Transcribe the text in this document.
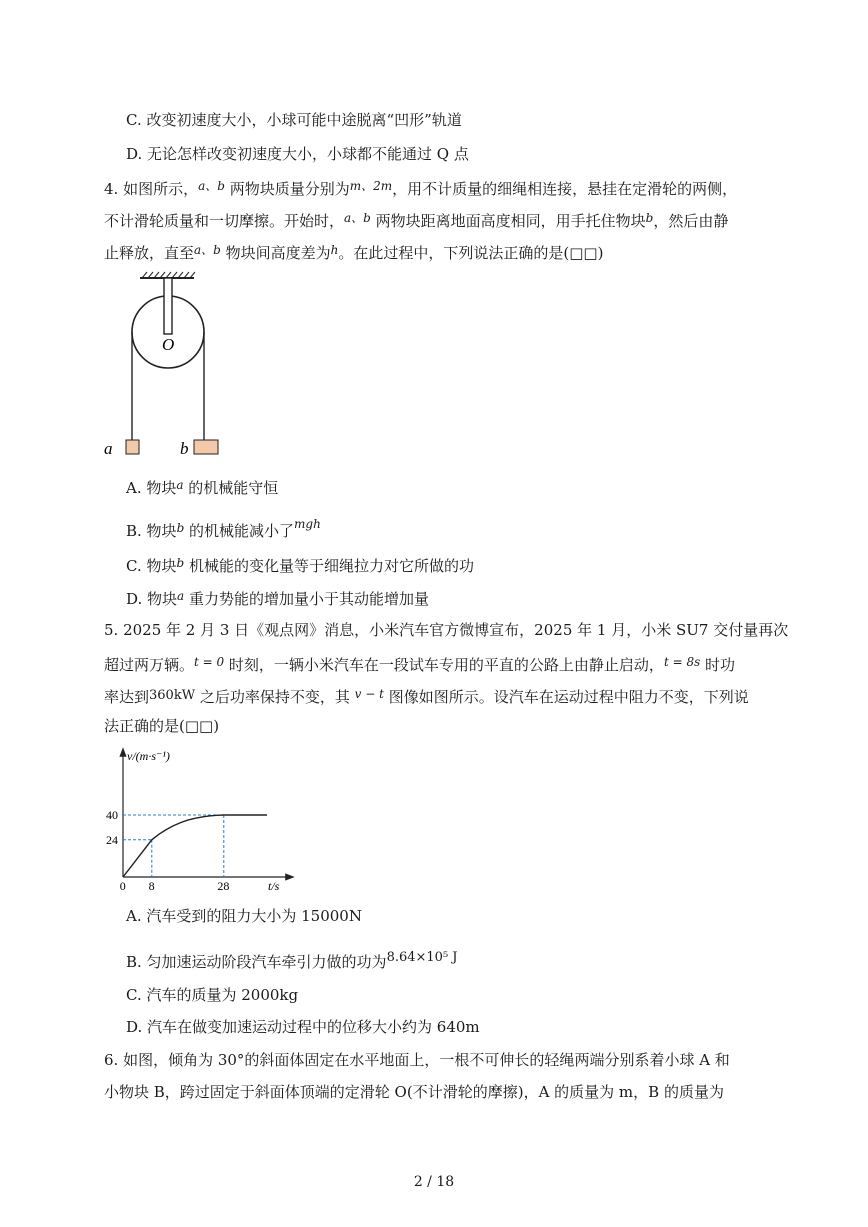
C. 改变初速度大小，小球可能中途脱离“凹形”轨道
D. 无论怎样改变初速度大小，小球都不能通过 Q 点
4. 如图所示，$^{a、b}$ 两物块质量分别为$^{m、2m}$，用不计质量的细绳相连接，悬挂在定滑轮的两侧，
不计滑轮质量和一切摩擦。开始时，$^{a、b}$ 两物块距离地面高度相同，用手托住物块$^b$，然后由静
止释放，直至$^{a、b}$ 物块间高度差为$^h$。在此过程中，下列说法正确的是(□□)
O
a	b
A. 物块$^a$ 的机械能守恒
B. 物块$^b$ 的机械能减小了$^{mgh}$
C. 物块$^b$ 机械能的变化量等于细绳拉力对它所做的功
D. 物块$^a$ 重力势能的增加量小于其动能增加量
5. 2025 年 2 月 3 日《观点网》消息，小米汽车官方微博宣布，2025 年 1 月，小米 SU7 交付量再次
超过两万辆。$^{t = 0}$ 时刻，一辆小米汽车在一段试车专用的平直的公路上由静止启动，$^{t = 8s}$ 时功
率达到360kW 之后功率保持不变，其 $^{v - t}$ 图像如图所示。设汽车在运动过程中阻力不变，下列说
法正确的是(□□)
v/(m·s⁻¹)
t/s
0 8	28
24
40
A. 汽车受到的阻力大小为 15000N
B. 匀加速运动阶段汽车牵引力做的功为8.64×10⁵ J
C. 汽车的质量为 2000kg
D. 汽车在做变加速运动过程中的位移大小约为 640m
6. 如图，倾角为 30°的斜面体固定在水平地面上，一根不可伸长的轻绳两端分别系着小球 A 和
小物块 B，跨过固定于斜面体顶端的定滑轮 O(不计滑轮的摩擦)，A 的质量为 m，B 的质量为
2 / 18
